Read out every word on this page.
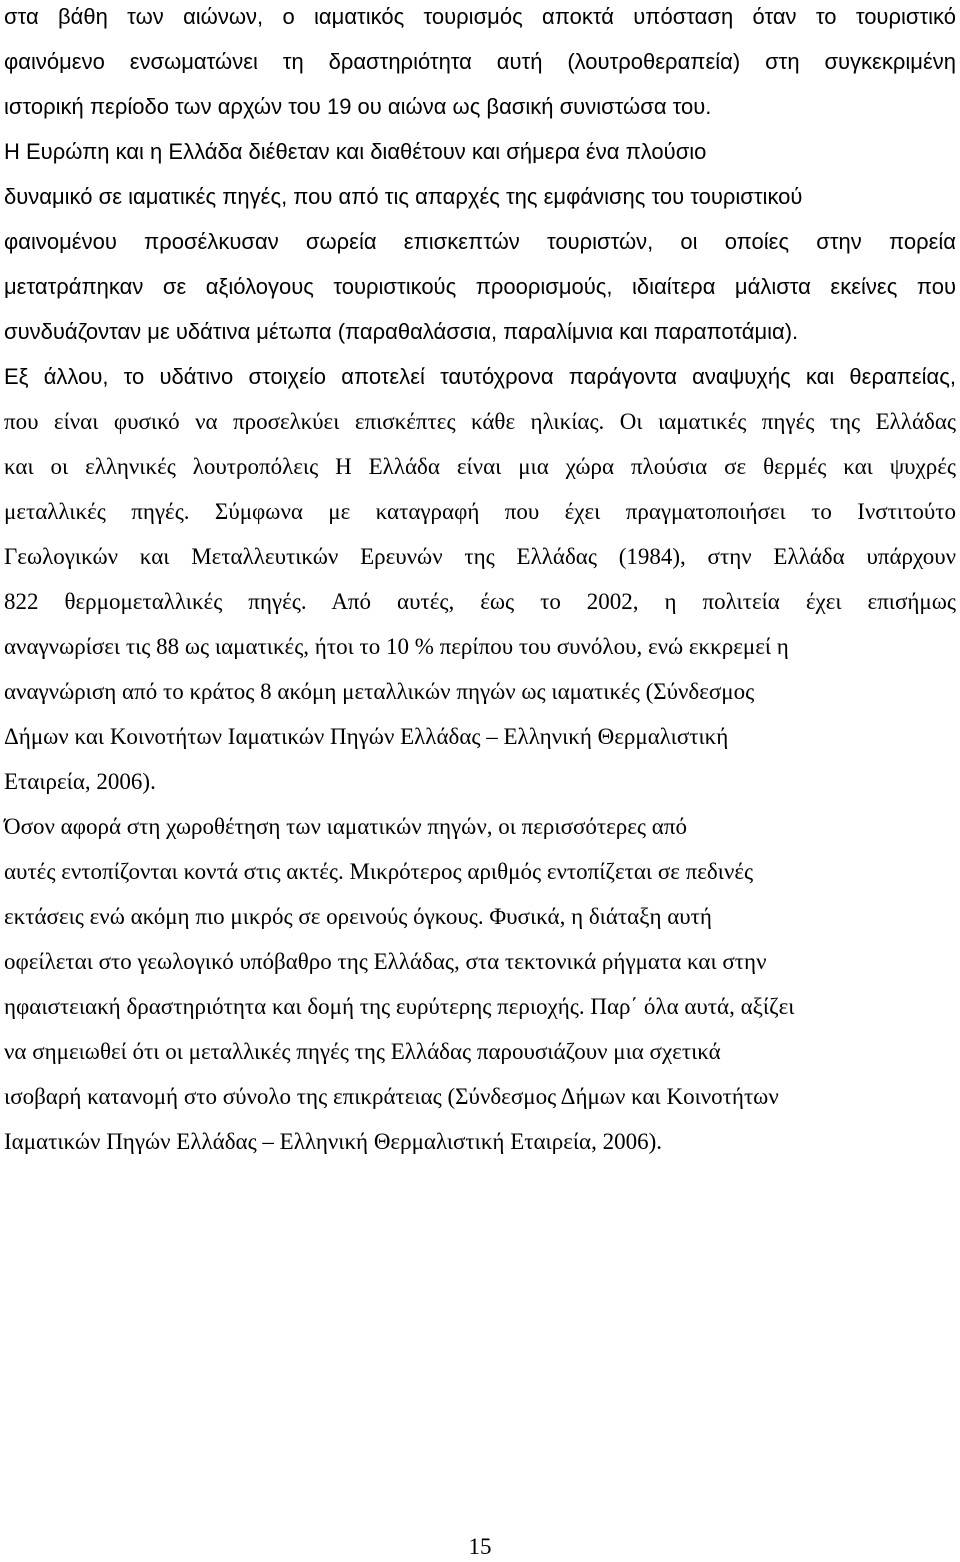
στα βάθη των αιώνων, ο ιαματικός τουρισμός αποκτά υπόσταση όταν το τουριστικό
φαινόμενο ενσωματώνει τη δραστηριότητα αυτή (λουτροθεραπεία) στη συγκεκριμένη
ιστορική περίοδο των αρχών του 19 ου αιώνα ως βασική συνιστώσα του.
Η Ευρώπη και η Ελλάδα διέθεταν και διαθέτουν και σήμερα ένα πλούσιο
δυναμικό σε ιαματικές πηγές, που από τις απαρχές της εμφάνισης του τουριστικού
φαινομένου προσέλκυσαν σωρεία επισκεπτών τουριστών, οι οποίες στην πορεία
μετατράπηκαν σε αξιόλογους τουριστικούς προορισμούς, ιδιαίτερα μάλιστα εκείνες που
συνδυάζονταν με υδάτινα μέτωπα (παραθαλάσσια, παραλίμνια και παραποτάμια).
Εξ άλλου, το υδάτινο στοιχείο αποτελεί ταυτόχρονα παράγοντα αναψυχής και θεραπείας,
που είναι φυσικό να προσελκύει επισκέπτες κάθε ηλικίας. Οι ιαματικές πηγές της Ελλάδας
και οι ελληνικές λουτροπόλεις Η Ελλάδα είναι μια χώρα πλούσια σε θερμές και ψυχρές
μεταλλικές πηγές. Σύμφωνα με καταγραφή που έχει πραγματοποιήσει το Ινστιτούτο
Γεωλογικών και Μεταλλευτικών Ερευνών της Ελλάδας (1984), στην Ελλάδα υπάρχουν
822 θερμομεταλλικές πηγές. Από αυτές, έως το 2002, η πολιτεία έχει επισήμως
αναγνωρίσει τις 88 ως ιαματικές, ήτοι το 10 % περίπου του συνόλου, ενώ εκκρεμεί η
αναγνώριση από το κράτος 8 ακόμη μεταλλικών πηγών ως ιαματικές (Σύνδεσμος
Δήμων και Κοινοτήτων Ιαματικών Πηγών Ελλάδας – Ελληνική Θερμαλιστική
Εταιρεία, 2006).
Όσον αφορά στη χωροθέτηση των ιαματικών πηγών, οι περισσότερες από
αυτές εντοπίζονται κοντά στις ακτές. Μικρότερος αριθμός εντοπίζεται σε πεδινές
εκτάσεις ενώ ακόμη πιο μικρός σε ορεινούς όγκους. Φυσικά, η διάταξη αυτή
οφείλεται στο γεωλογικό υπόβαθρο της Ελλάδας, στα τεκτονικά ρήγματα και στην
ηφαιστειακή δραστηριότητα και δομή της ευρύτερης περιοχής. Παρ΄ όλα αυτά, αξίζει
να σημειωθεί ότι οι μεταλλικές πηγές της Ελλάδας παρουσιάζουν μια σχετικά
ισοβαρή κατανομή στο σύνολο της επικράτειας (Σύνδεσμος Δήμων και Κοινοτήτων
Ιαματικών Πηγών Ελλάδας – Ελληνική Θερμαλιστική Εταιρεία, 2006).
15
